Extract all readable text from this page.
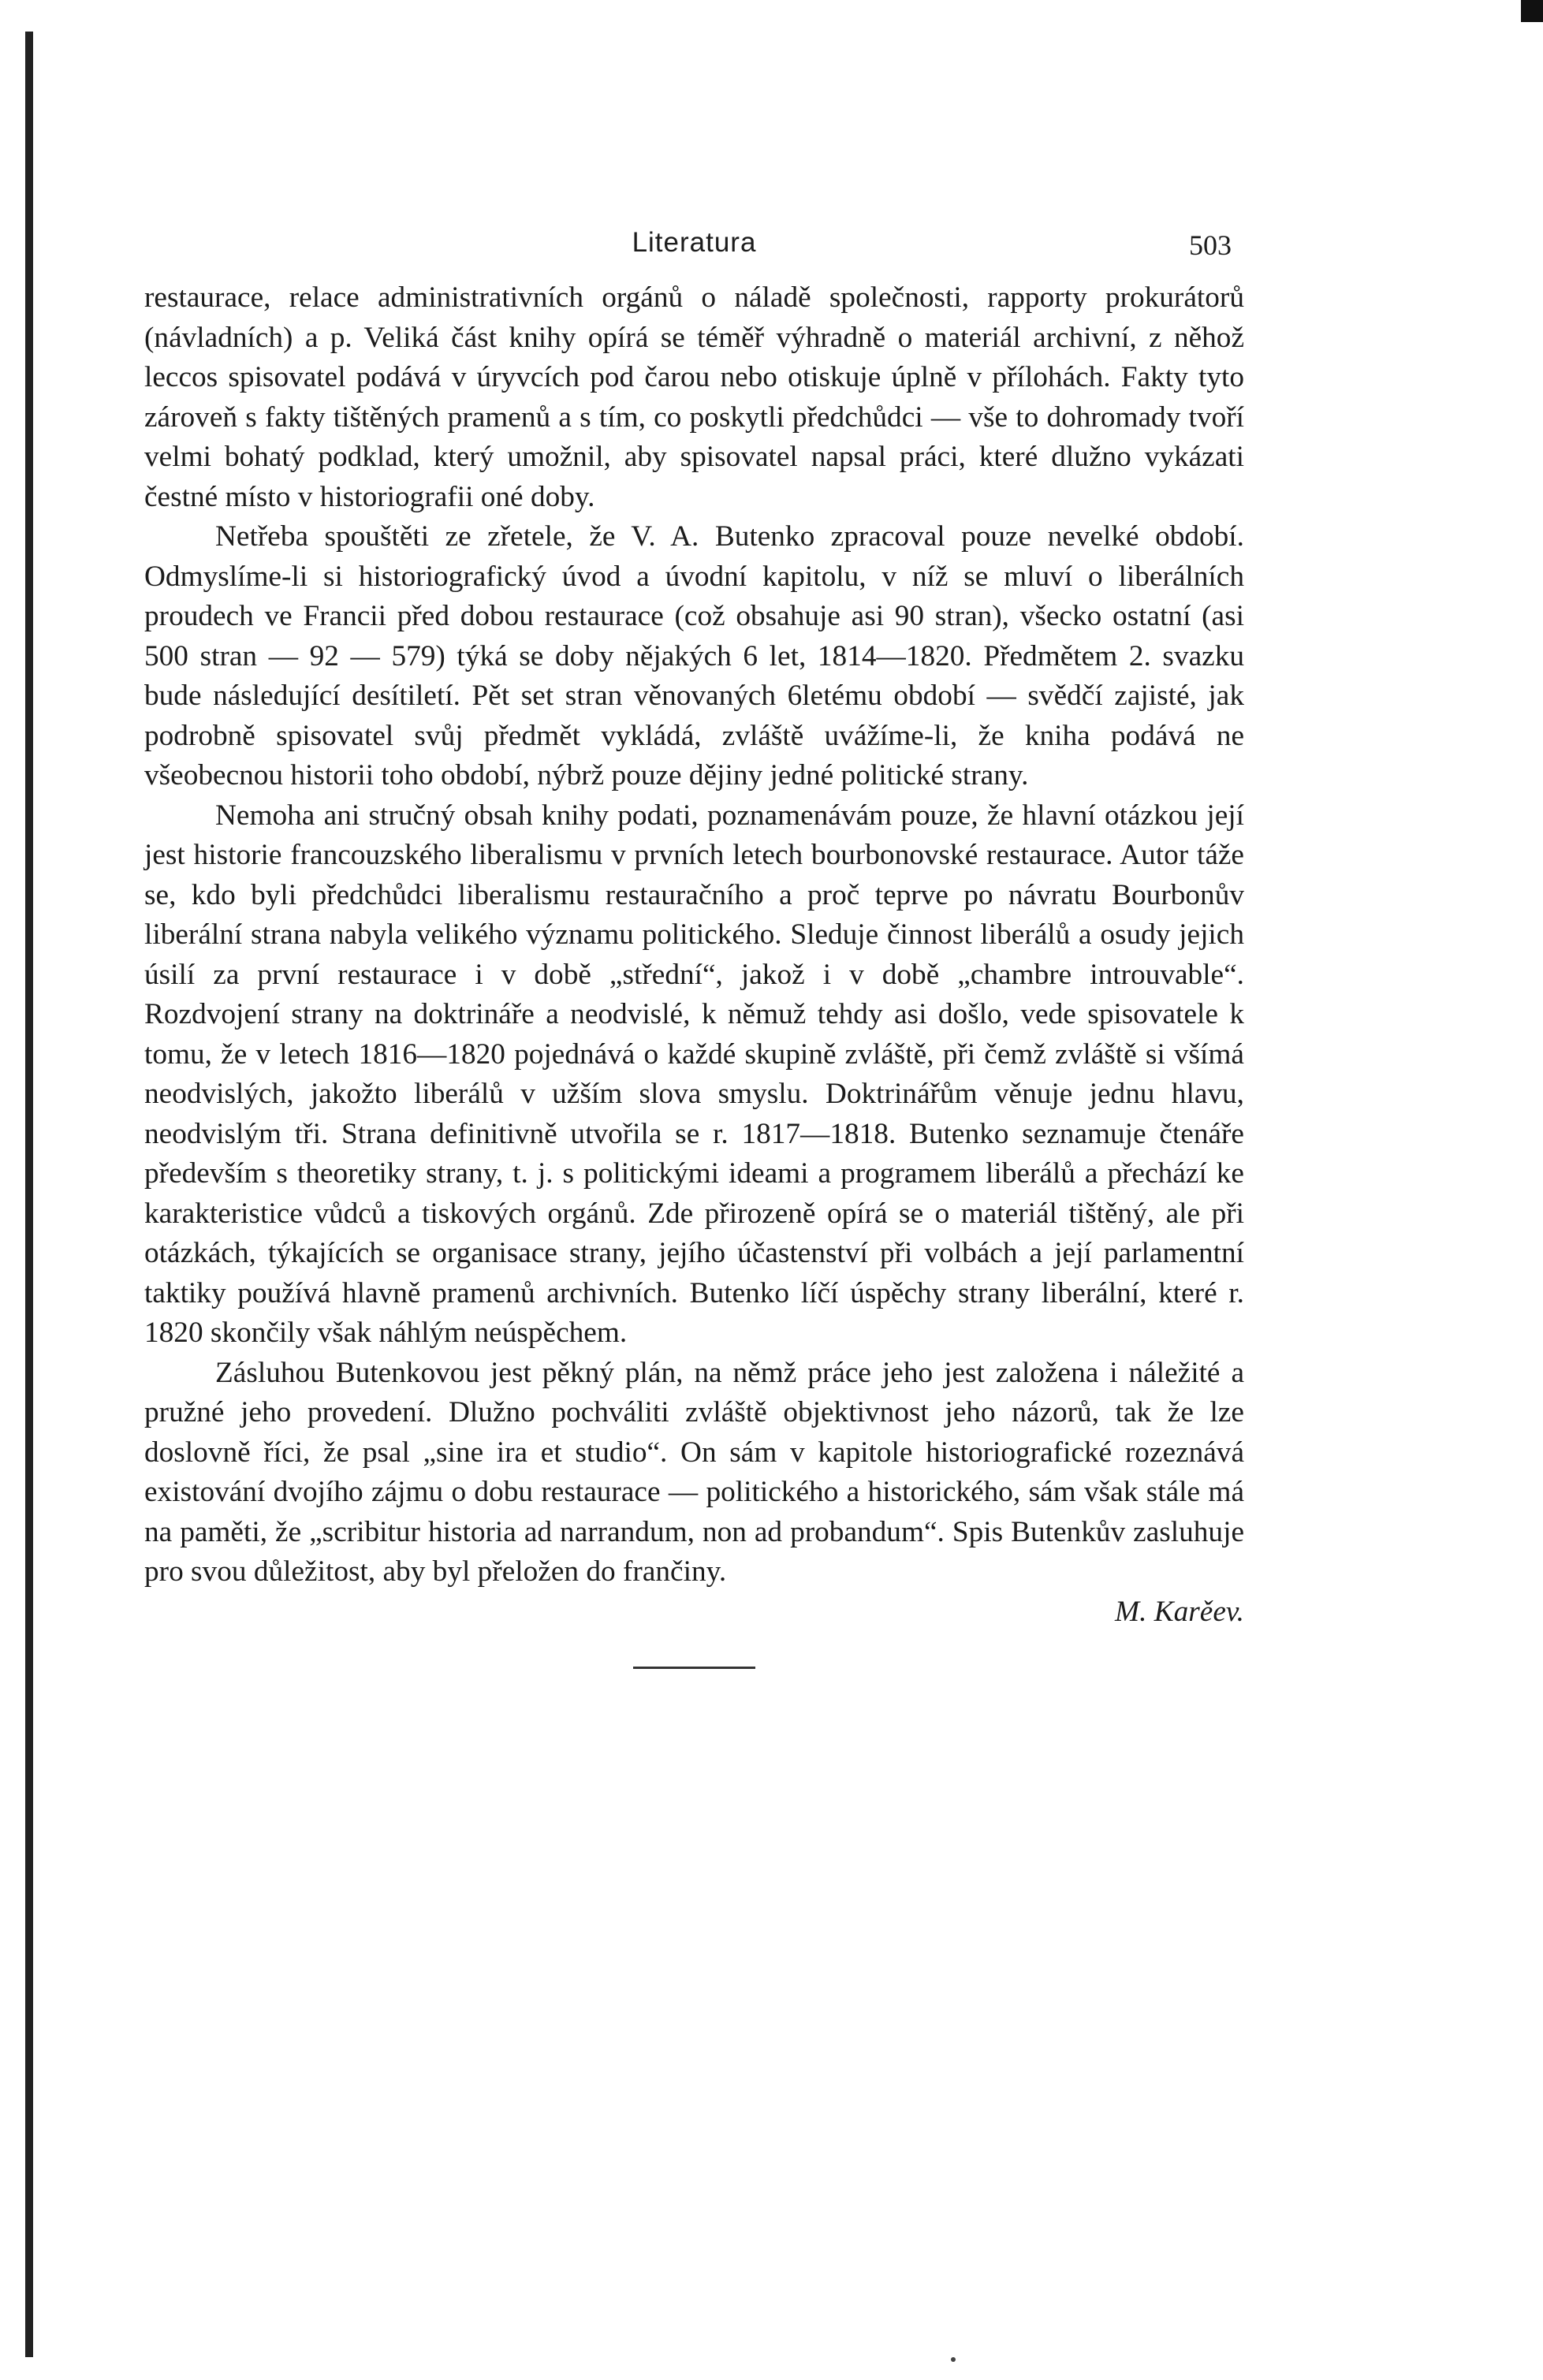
Literatura	503

restaurace, relace administrativních orgánů o náladě společnosti, rapporty prokurátorů (návladních) a p. Veliká část knihy opírá se téměř výhradně o materiál archivní, z něhož leccos spisovatel podává v úryvcích pod čarou nebo otiskuje úplně v přílohách. Fakty tyto zároveň s fakty tištěných pramenů a s tím, co poskytli předchůdci — vše to dohromady tvoří velmi bohatý podklad, který umožnil, aby spisovatel napsal práci, které dlužno vykázati čestné místo v historiografii oné doby.

Netřeba spouštěti ze zřetele, že V. A. Butenko zpracoval pouze nevelké období. Odmyslíme-li si historiografický úvod a úvodní kapitolu, v níž se mluví o liberálních proudech ve Francii před dobou restaurace (což obsahuje asi 90 stran), všecko ostatní (asi 500 stran — 92 — 579) týká se doby nějakých 6 let, 1814—1820. Předmětem 2. svazku bude následující desítiletí. Pět set stran věnovaných 6letému období — svědčí zajisté, jak podrobně spisovatel svůj předmět vykládá, zvláště uvážíme-li, že kniha podává ne všeobecnou historii toho období, nýbrž pouze dějiny jedné politické strany.

Nemoha ani stručný obsah knihy podati, poznamenávám pouze, že hlavní otázkou její jest historie francouzského liberalismu v prvních letech bourbonovské restaurace. Autor táže se, kdo byli předchůdci liberalismu restauračního a proč teprve po návratu Bourbonův liberální strana nabyla velikého významu politického. Sleduje činnost liberálů a osudy jejich úsilí za první restaurace i v době „střední“, jakož i v době „chambre introuvable“. Rozdvojení strany na doktrináře a neodvislé, k němuž tehdy asi došlo, vede spisovatele k tomu, že v letech 1816—1820 pojednává o každé skupině zvláště, při čemž zvláště si všímá neodvislých, jakožto liberálů v užším slova smyslu. Doktrinářům věnuje jednu hlavu, neodvislým tři. Strana definitivně utvořila se r. 1817—1818. Butenko seznamuje čtenáře především s theoretiky strany, t. j. s politickými ideami a programem liberálů a přechází ke karakteristice vůdců a tiskových orgánů. Zde přirozeně opírá se o materiál tištěný, ale při otázkách, týkajících se organisace strany, jejího účastenství při volbách a její parlamentní taktiky používá hlavně pramenů archivních. Butenko líčí úspěchy strany liberální, které r. 1820 skončily však náhlým neúspěchem.

Zásluhou Butenkovou jest pěkný plán, na němž práce jeho jest založena i náležité a pružné jeho provedení. Dlužno pochváliti zvláště objektivnost jeho názorů, tak že lze doslovně říci, že psal „sine ira et studio“. On sám v kapitole historiografické rozeznává existování dvojího zájmu o dobu restaurace — politického a historického, sám však stále má na paměti, že „scribitur historia ad narrandum, non ad probandum“. Spis Butenkův zasluhuje pro svou důležitost, aby byl přeložen do frančiny.

M. Karěev.
